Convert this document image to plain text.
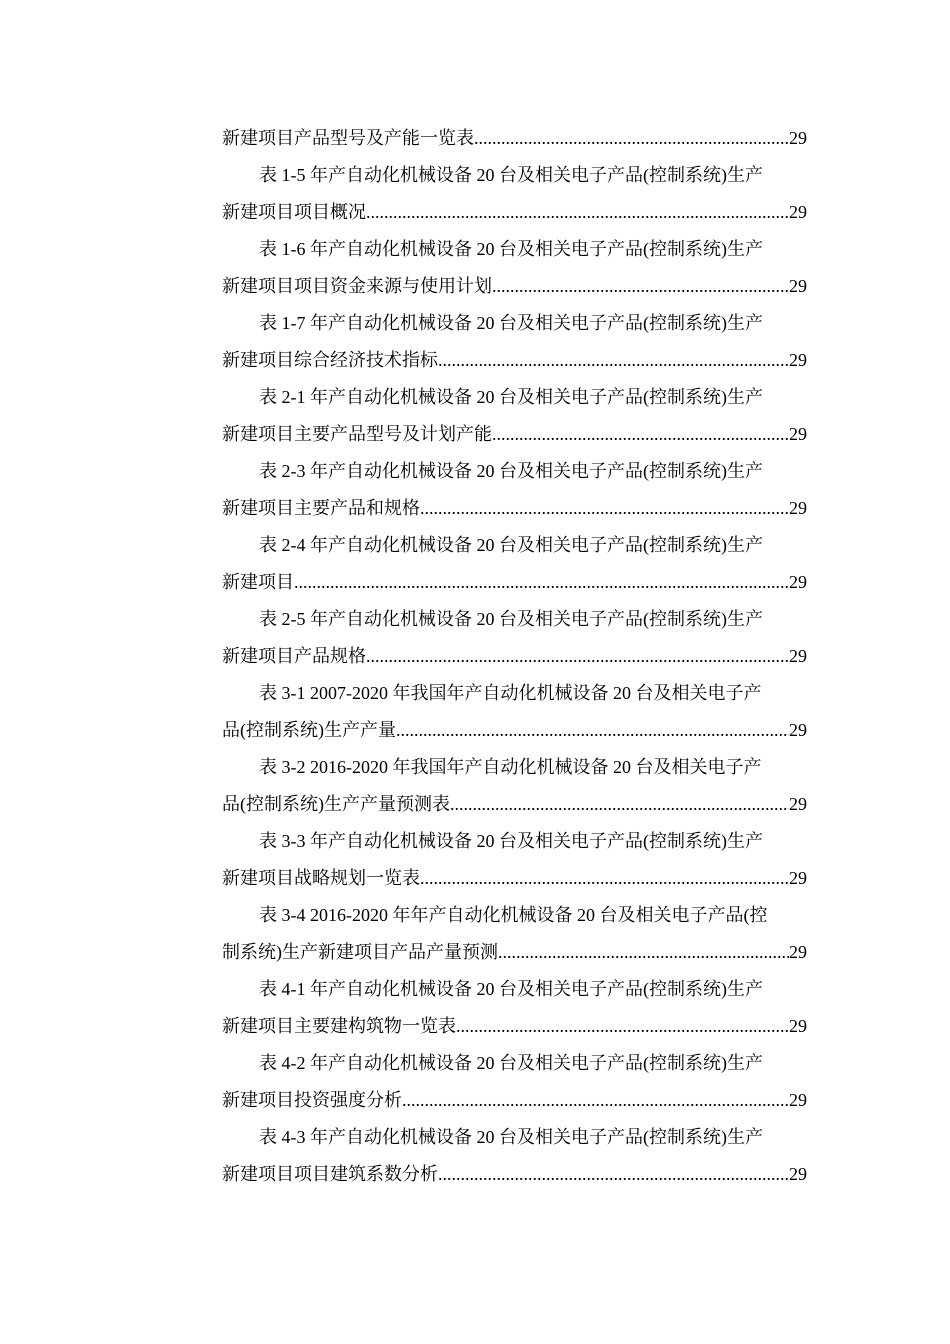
新建项目产品型号及产能一览表 .....	29
表 1-5 年产自动化机械设备 20 台及相关电子产品(控制系统)生产
新建项目项目概况 .....	29
表 1-6 年产自动化机械设备 20 台及相关电子产品(控制系统)生产
新建项目项目资金来源与使用计划 .....	29
表 1-7 年产自动化机械设备 20 台及相关电子产品(控制系统)生产
新建项目综合经济技术指标 .....	29
表 2-1 年产自动化机械设备 20 台及相关电子产品(控制系统)生产
新建项目主要产品型号及计划产能 .....	29
表 2-3 年产自动化机械设备 20 台及相关电子产品(控制系统)生产
新建项目主要产品和规格 .....	29
表 2-4 年产自动化机械设备 20 台及相关电子产品(控制系统)生产
新建项目 .....	29
表 2-5 年产自动化机械设备 20 台及相关电子产品(控制系统)生产
新建项目产品规格 .....	29
表 3-1 2007-2020 年我国年产自动化机械设备 20 台及相关电子产
品(控制系统)生产产量 .....	29
表 3-2 2016-2020 年我国年产自动化机械设备 20 台及相关电子产
品(控制系统)生产产量预测表 .....	29
表 3-3 年产自动化机械设备 20 台及相关电子产品(控制系统)生产
新建项目战略规划一览表 .....	29
表 3-4 2016-2020 年年产自动化机械设备 20 台及相关电子产品(控
制系统)生产新建项目产品产量预测 .....	29
表 4-1 年产自动化机械设备 20 台及相关电子产品(控制系统)生产
新建项目主要建构筑物一览表 .....	29
表 4-2 年产自动化机械设备 20 台及相关电子产品(控制系统)生产
新建项目投资强度分析 .....	29
表 4-3 年产自动化机械设备 20 台及相关电子产品(控制系统)生产
新建项目项目建筑系数分析 .....	29
